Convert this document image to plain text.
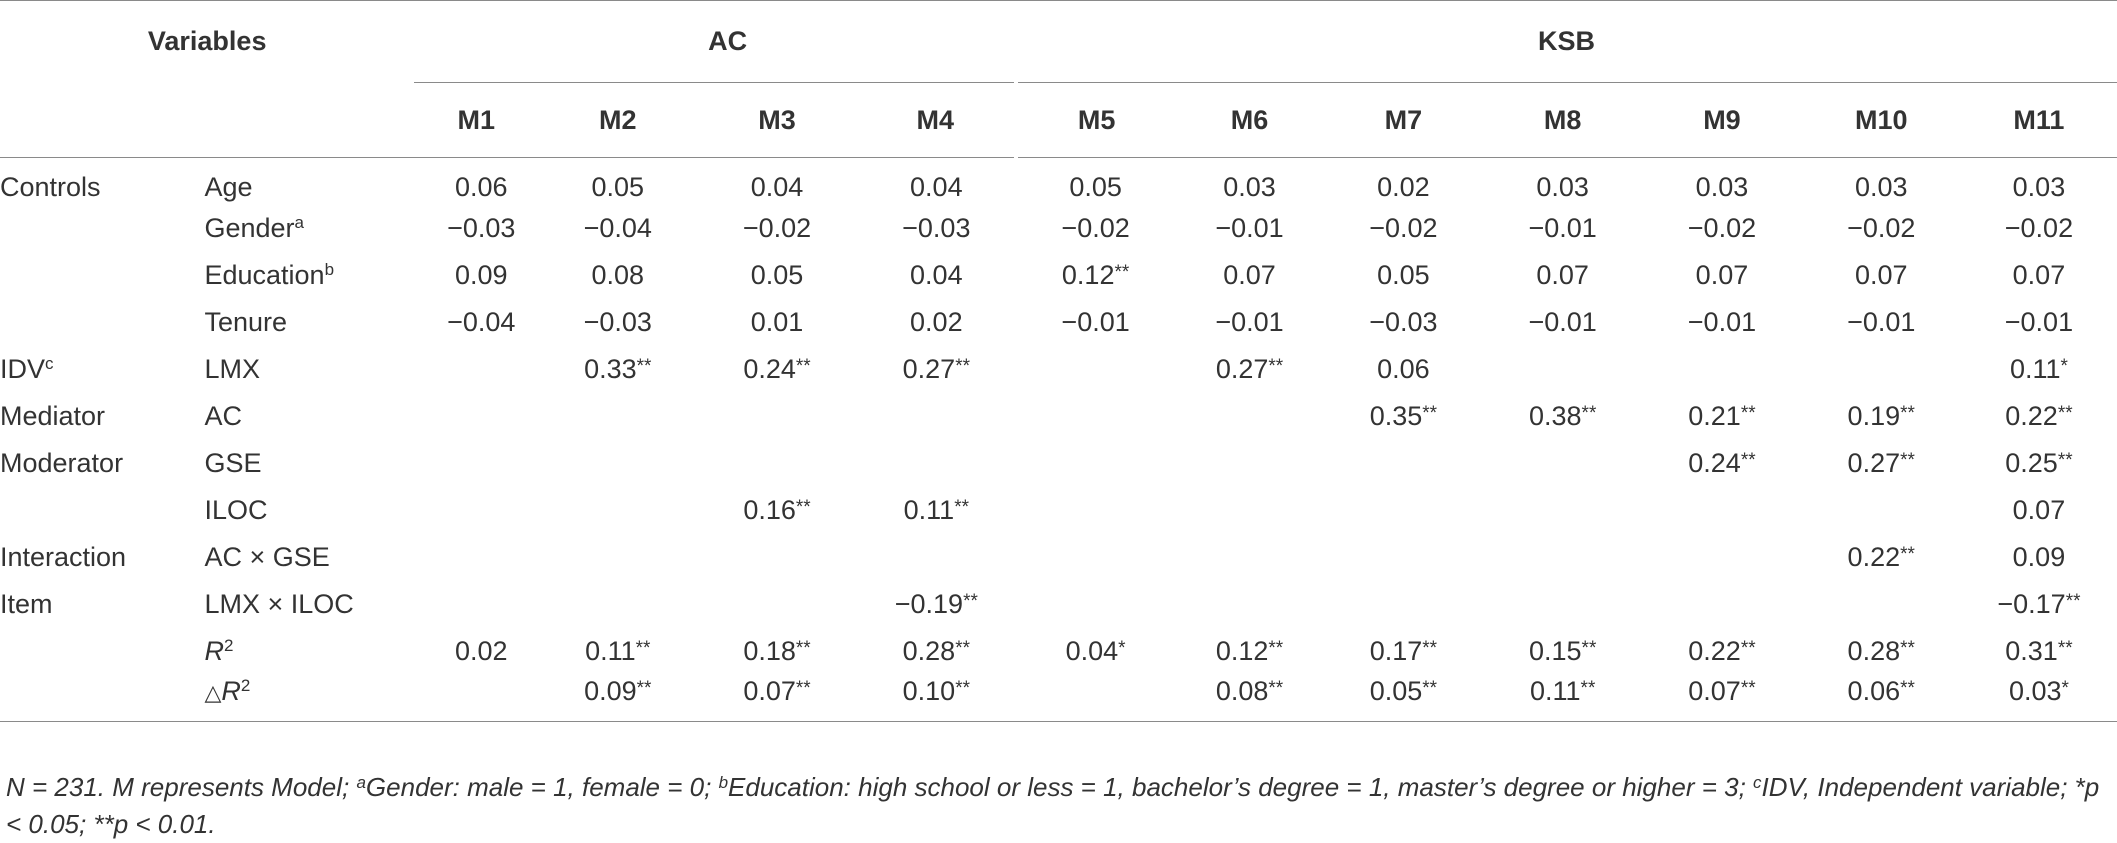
Variables		AC				KSB						
		M1	M2	M3	M4	M5	M6	M7	M8	M9	M10	M11
Controls	Age	0.06	0.05	0.04	0.04	0.05	0.03	0.02	0.03	0.03	0.03	0.03
	Gender$^a$	−0.03	−0.04	−0.02	−0.03	−0.02	−0.01	−0.02	−0.01	−0.02	−0.02	−0.02
	Education$^b$	0.09	0.08	0.05	0.04	0.12**	0.07	0.05	0.07	0.07	0.07	0.07
	Tenure	−0.04	−0.03	0.01	0.02	−0.01	−0.01	−0.03	−0.01	−0.01	−0.01	−0.01
IDV$^c$	LMX		0.33**	0.24**	0.27**		0.27**	0.06				0.11*
Mediator	AC							0.35**	0.38**	0.21**	0.19**	0.22**
Moderator	GSE									0.24**	0.27**	0.25**
	ILOC			0.16**	0.11**							0.07
Interaction	AC × GSE										0.22**	0.09
Item	LMX × ILOC				−0.19**							−0.17**
	$R^2$	0.02	0.11**	0.18**	0.28**	0.04*	0.12**	0.17**	0.15**	0.22**	0.28**	0.31**
	$\triangle R^2$		0.09**	0.07**	0.10**		0.08**	0.05**	0.11**	0.07**	0.06**	0.03*
N = 231. M represents Model; $^a$Gender: male = 1, female = 0; $^b$Education: high school or less = 1, bachelor’s degree = 1, master’s degree or higher = 3; $^c$IDV, Independent variable; *p < 0.05; **p < 0.01.
